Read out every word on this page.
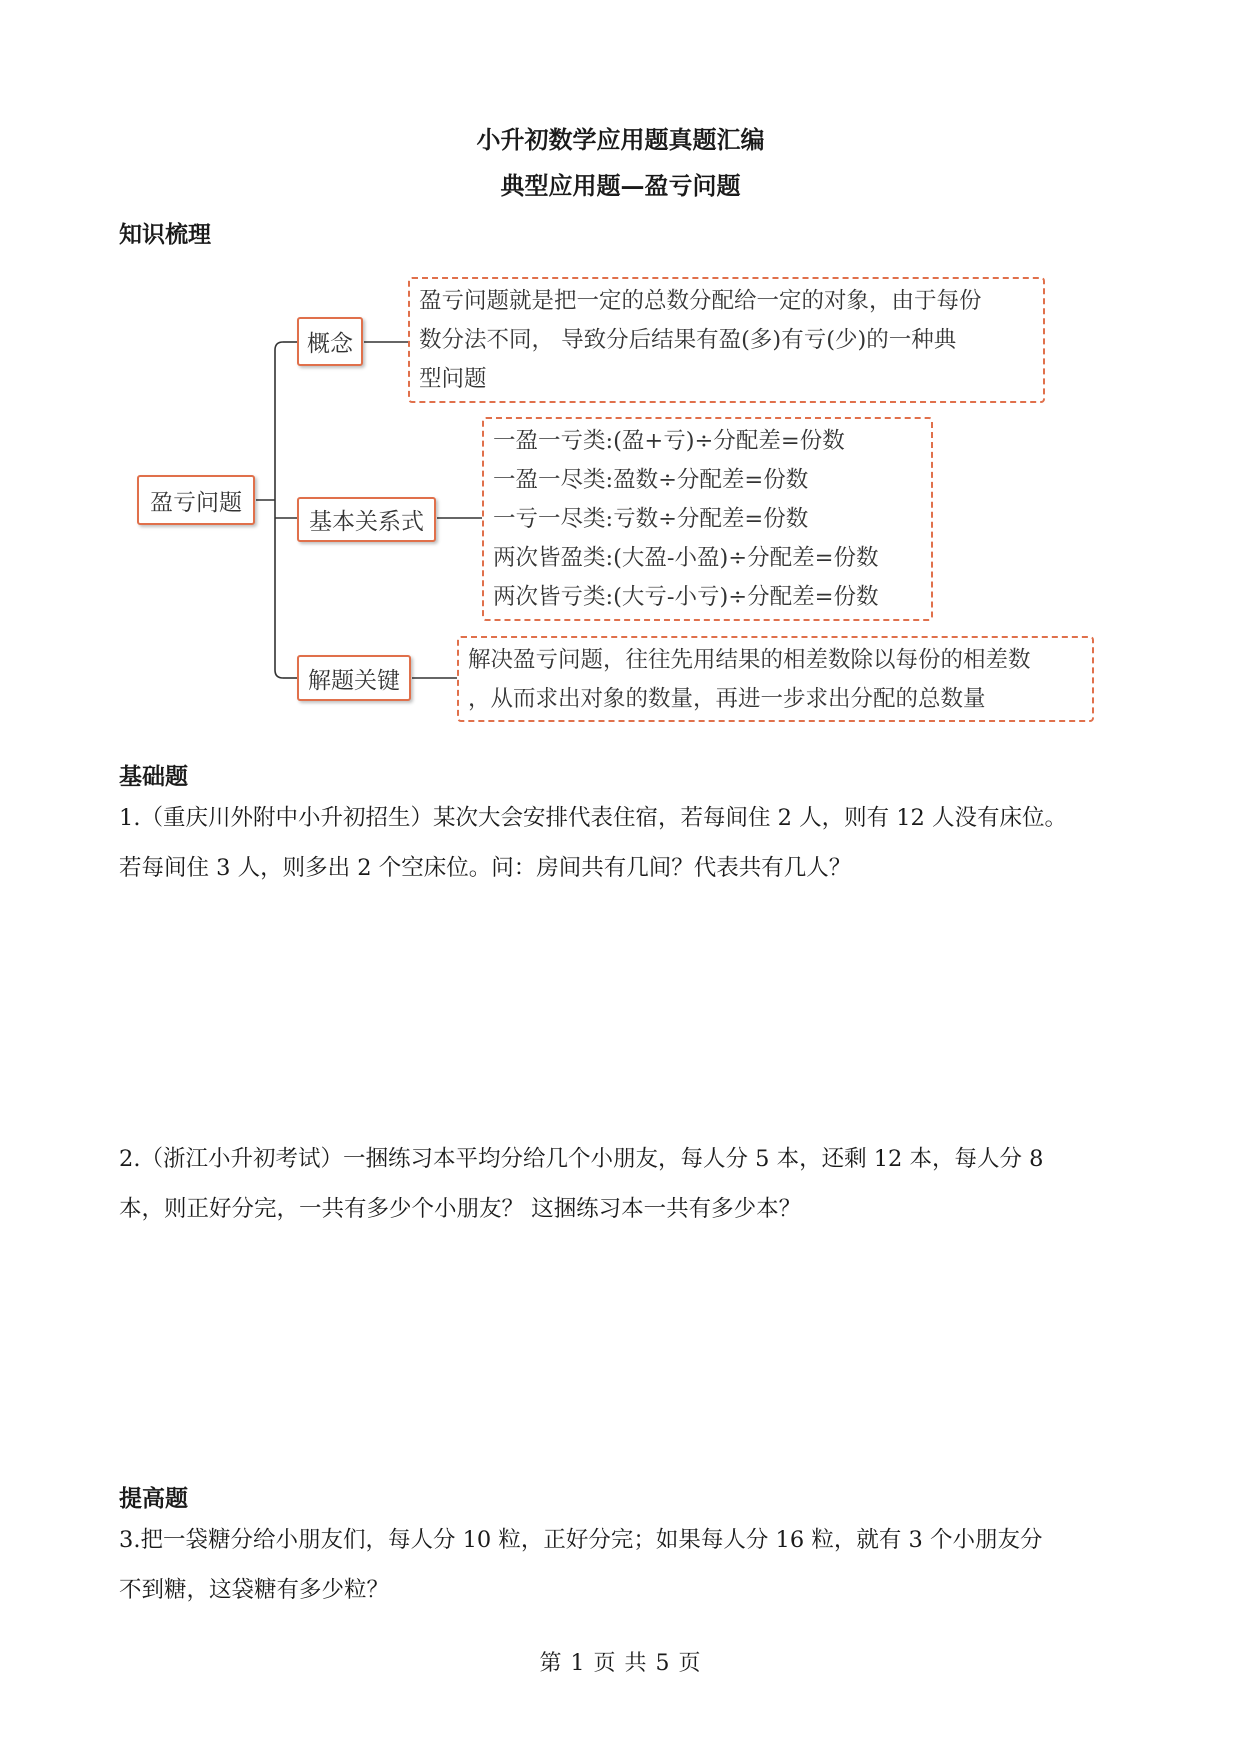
小升初数学应用题真题汇编
典型应用题—盈亏问题
知识梳理
盈亏问题
概念
基本关系式
解题关键
盈亏问题就是把一定的总数分配给一定的对象，由于每份
数分法不同， 导致分后结果有盈(多)有亏(少)的一种典
型问题
一盈一亏类:(盈+亏)÷分配差=份数
一盈一尽类:盈数÷分配差=份数
一亏一尽类:亏数÷分配差=份数
两次皆盈类:(大盈-小盈)÷分配差=份数
两次皆亏类:(大亏-小亏)÷分配差=份数
解决盈亏问题，往往先用结果的相差数除以每份的相差数
，从而求出对象的数量，再进一步求出分配的总数量
基础题

1.（重庆川外附中小升初招生）某次大会安排代表住宿，若每间住 2 人，则有 12 人没有床位。

若每间住 3 人，则多出 2 个空床位。问：房间共有几间？代表共有几人？

2.（浙江小升初考试）一捆练习本平均分给几个小朋友，每人分 5 本，还剩 12 本，每人分 8

本，则正好分完，一共有多少个小朋友？ 这捆练习本一共有多少本？

提高题

3.把一袋糖分给小朋友们，每人分 10 粒，正好分完；如果每人分 16 粒，就有 3 个小朋友分

不到糖，这袋糖有多少粒？

第 1 页 共 5 页
